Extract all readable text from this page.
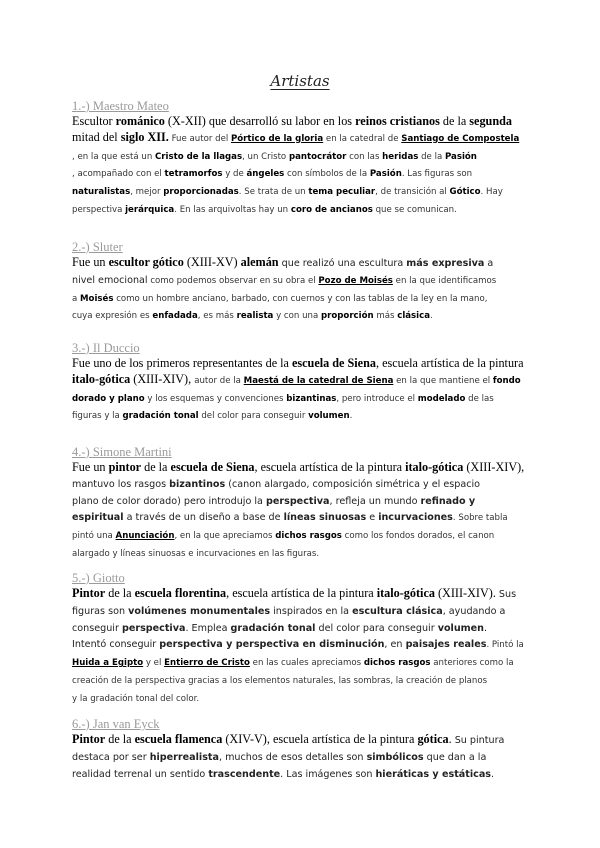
Artistas
1.-) Maestro Mateo
Escultor románico (X-XII) que desarrolló su labor en los reinos cristianos de la segunda
mitad del siglo XII. Fue autor del Pórtico de la gloria en la catedral de Santiago de Compostela
, en la que está un Cristo de la llagas, un Cristo pantocrátor con las heridas de la Pasión
, acompañado con el tetramorfos y de ángeles con símbolos de la Pasión. Las figuras son
naturalistas, mejor proporcionadas. Se trata de un tema peculiar, de transición al Gótico. Hay
perspectiva jerárquica. En las arquivoltas hay un coro de ancianos que se comunican.
2.-) Sluter
Fue un escultor gótico (XIII-XV) alemán que realizó una escultura más expresiva a
nivel emocional como podemos observar en su obra el Pozo de Moisés en la que identificamos
a Moisés como un hombre anciano, barbado, con cuernos y con las tablas de la ley en la mano,
cuya expresión es enfadada, es más realista y con una proporción más clásica.
3.-) Il Duccio
Fue uno de los primeros representantes de la escuela de Siena, escuela artística de la pintura
italo-gótica (XIII-XIV), autor de la Maestá de la catedral de Siena en la que mantiene el fondo
dorado y plano y los esquemas y convenciones bizantinas, pero introduce el modelado de las
figuras y la gradación tonal del color para conseguir volumen.
4.-) Simone Martini
Fue un pintor de la escuela de Siena, escuela artística de la pintura italo-gótica (XIII-XIV),
mantuvo los rasgos bizantinos (canon alargado, composición simétrica y el espacio
plano de color dorado) pero introdujo la perspectiva, refleja un mundo refinado y
espiritual a través de un diseño a base de líneas sinuosas e incurvaciones. Sobre tabla
pintó una Anunciación, en la que apreciamos dichos rasgos como los fondos dorados, el canon
alargado y líneas sinuosas e incurvaciones en las figuras.
5.-) Giotto
Pintor de la escuela florentina, escuela artística de la pintura italo-gótica (XIII-XIV). Sus
figuras son volúmenes monumentales inspirados en la escultura clásica, ayudando a
conseguir perspectiva. Emplea gradación tonal del color para conseguir volumen.
Intentó conseguir perspectiva y perspectiva en disminución, en paisajes reales. Pintó la
Huida a Egipto y el Entierro de Cristo en las cuales apreciamos dichos rasgos anteriores como la
creación de la perspectiva gracias a los elementos naturales, las sombras, la creación de planos
y la gradación tonal del color.
6.-) Jan van Eyck
Pintor de la escuela flamenca (XIV-V), escuela artística de la pintura gótica. Su pintura
destaca por ser hiperrealista, muchos de esos detalles son simbólicos que dan a la
realidad terrenal un sentido trascendente. Las imágenes son hieráticas y estáticas.
